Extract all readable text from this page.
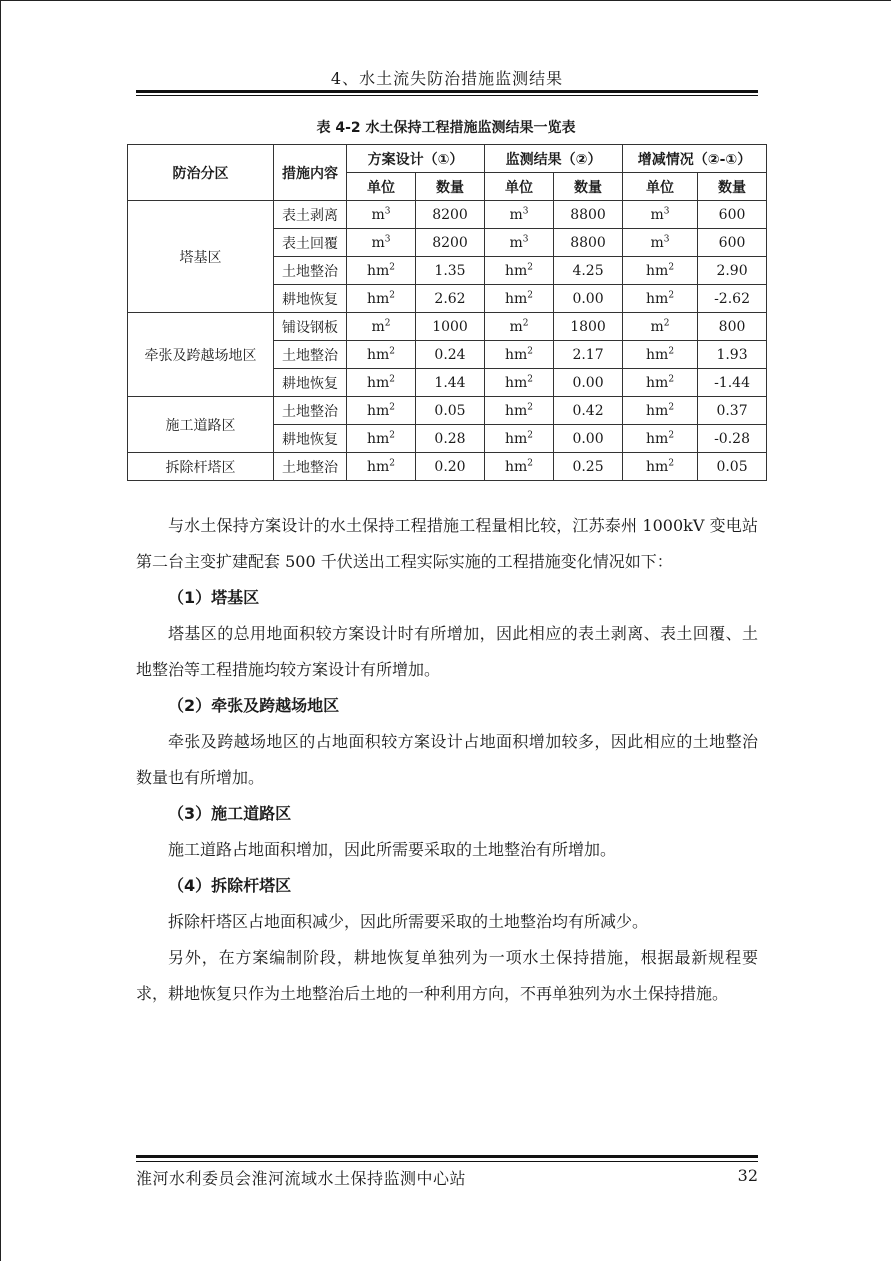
4、水土流失防治措施监测结果
表 4-2 水土保持工程措施监测结果一览表
防治分区	措施内容	方案设计（①）		监测结果（②）		增减情况（②-①）	
		单位	数量	单位	数量	单位	数量
塔基区	表土剥离	$m^3$	8200	$m^3$	8800	$m^3$	600
	表土回覆	$m^3$	8200	$m^3$	8800	$m^3$	600
	土地整治	$hm^2$	1.35	$hm^2$	4.25	$hm^2$	2.90
	耕地恢复	$hm^2$	2.62	$hm^2$	0.00	$hm^2$	-2.62
牵张及跨越场地区	铺设钢板	$m^2$	1000	$m^2$	1800	$m^2$	800
	土地整治	$hm^2$	0.24	$hm^2$	2.17	$hm^2$	1.93
	耕地恢复	$hm^2$	1.44	$hm^2$	0.00	$hm^2$	-1.44
施工道路区	土地整治	$hm^2$	0.05	$hm^2$	0.42	$hm^2$	0.37
	耕地恢复	$hm^2$	0.28	$hm^2$	0.00	$hm^2$	-0.28
拆除杆塔区	土地整治	$hm^2$	0.20	$hm^2$	0.25	$hm^2$	0.05

与水土保持方案设计的水土保持工程措施工程量相比较，江苏泰州 1000kV 变电站第二台主变扩建配套 500 千伏送出工程实际实施的工程措施变化情况如下：

（1）塔基区

塔基区的总用地面积较方案设计时有所增加，因此相应的表土剥离、表土回覆、土地整治等工程措施均较方案设计有所增加。

（2）牵张及跨越场地区

牵张及跨越场地区的占地面积较方案设计占地面积增加较多，因此相应的土地整治数量也有所增加。

（3）施工道路区

施工道路占地面积增加，因此所需要采取的土地整治有所增加。

（4）拆除杆塔区

拆除杆塔区占地面积减少，因此所需要采取的土地整治均有所减少。

另外，在方案编制阶段，耕地恢复单独列为一项水土保持措施，根据最新规程要求，耕地恢复只作为土地整治后土地的一种利用方向，不再单独列为水土保持措施。

淮河水利委员会淮河流域水土保持监测中心站	32
